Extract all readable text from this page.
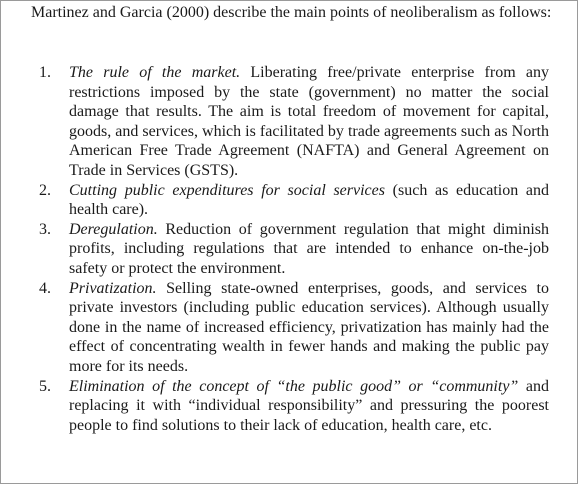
Martinez and Garcia (2000) describe the main points of neoliberalism as follows:

1. The rule of the market. Liberating free/private enterprise from any restrictions imposed by the state (government) no matter the social damage that results. The aim is total freedom of movement for capital, goods, and services, which is facilitated by trade agreements such as North American Free Trade Agreement (NAFTA) and General Agreement on Trade in Services (GSTS).
2. Cutting public expenditures for social services (such as education and health care).
3. Deregulation. Reduction of government regulation that might diminish profits, including regulations that are intended to enhance on-the-job safety or protect the environment.
4. Privatization. Selling state-owned enterprises, goods, and services to private investors (including public education services). Although usually done in the name of increased efficiency, privatization has mainly had the effect of concentrating wealth in fewer hands and making the public pay more for its needs.
5. Elimination of the concept of “the public good” or “community” and replacing it with “individual responsibility” and pressuring the poorest people to find solutions to their lack of education, health care, etc.
